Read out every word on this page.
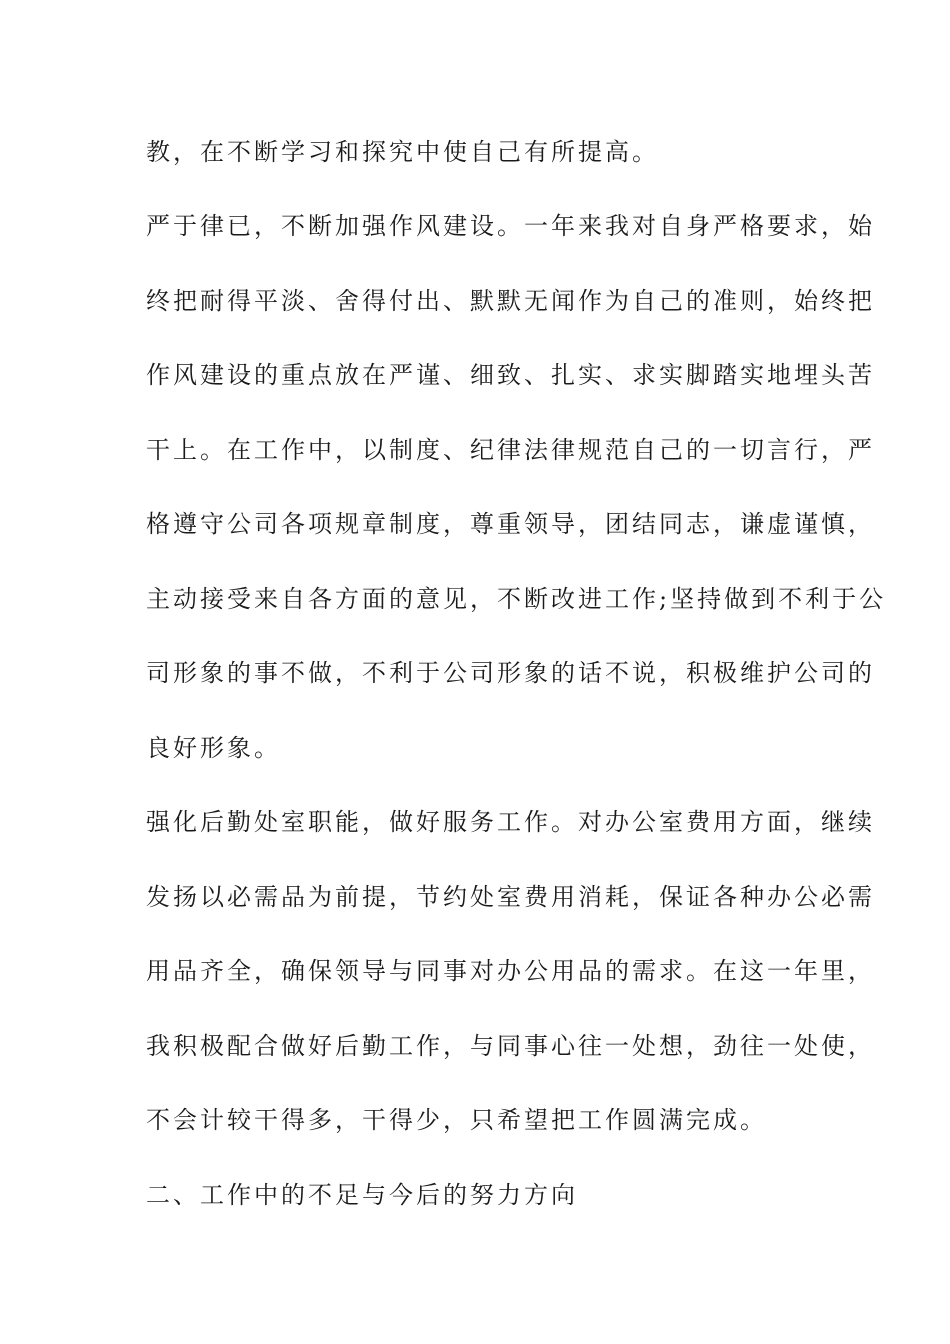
教，在不断学习和探究中使自己有所提高。
严于律已，不断加强作风建设。一年来我对自身严格要求，始
终把耐得平淡、舍得付出、默默无闻作为自己的准则，始终把
作风建设的重点放在严谨、细致、扎实、求实脚踏实地埋头苦
干上。在工作中，以制度、纪律法律规范自己的一切言行，严
格遵守公司各项规章制度，尊重领导，团结同志，谦虚谨慎，
主动接受来自各方面的意见，不断改进工作;坚持做到不利于公
司形象的事不做，不利于公司形象的话不说，积极维护公司的
良好形象。
强化后勤处室职能，做好服务工作。对办公室费用方面，继续
发扬以必需品为前提，节约处室费用消耗，保证各种办公必需
用品齐全，确保领导与同事对办公用品的需求。在这一年里，
我积极配合做好后勤工作，与同事心往一处想，劲往一处使，
不会计较干得多，干得少，只希望把工作圆满完成。
二、工作中的不足与今后的努力方向
